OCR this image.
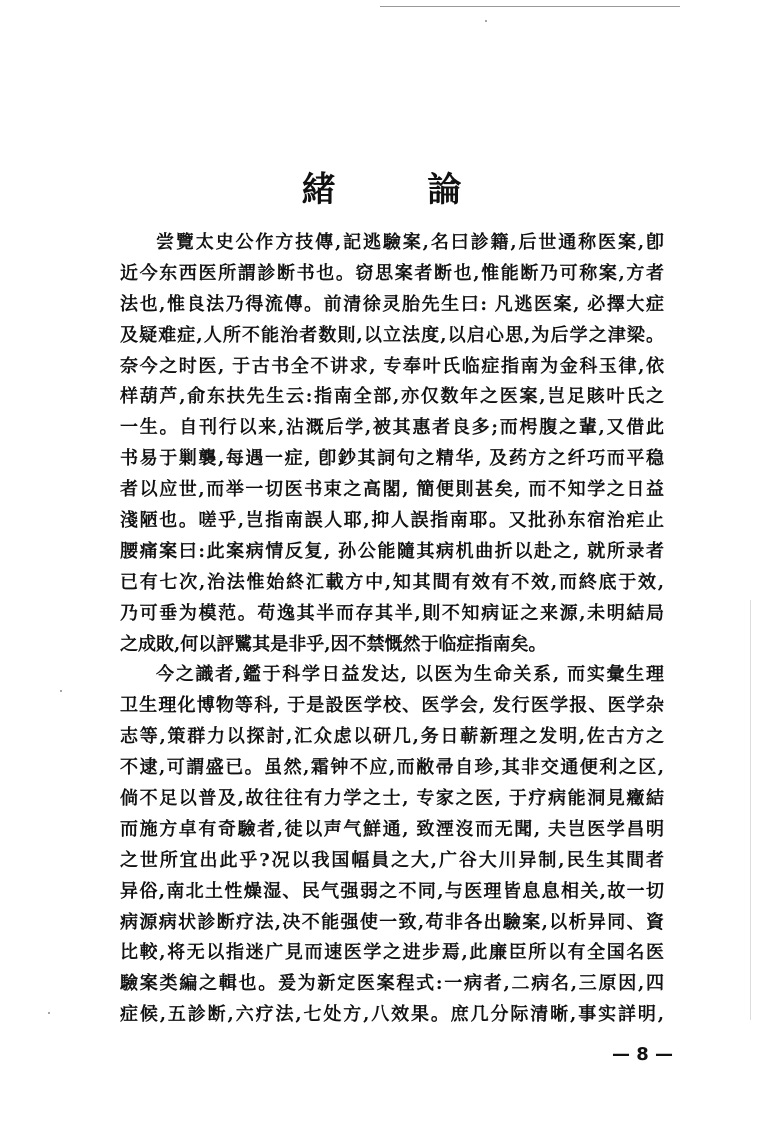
緒 論
尝覽太史公作方技傳,記逃驗案,名曰診籍,后世通称医案,卽
近今东西医所謂診断书也。窃思案者断也,惟能断乃可称案,方者
法也,惟良法乃得流傳。前清徐灵胎先生曰: 凡逃医案, 必擇大症
及疑难症,人所不能治者数則,以立法度,以启心思,为后学之津梁。
奈今之时医, 于古书全不讲求, 专奉叶氏临症指南为金科玉律,依
样葫芦,俞东扶先生云:指南全部,亦仅数年之医案,岂足賅叶氏之
一生。自刊行以来,沾溉后学,被其惠者良多;而枵腹之輩,又借此
书易于剿襲,每遇一症, 卽鈔其詞句之精华, 及药方之纤巧而平稳
者以应世,而举一切医书束之高閣, 簡便則甚矣, 而不知学之日益
淺陋也。嗟乎,岂指南誤人耶,抑人誤指南耶。又批孙东宿治疟止
腰痛案曰:此案病情反复, 孙公能隨其病机曲折以赴之, 就所录者
已有七次,治法惟始終汇載方中,知其間有效有不效,而終底于效,
乃可垂为模范。苟逸其半而存其半,則不知病证之来源,未明結局
之成敗,何以評騭其是非乎,因不禁慨然于临症指南矣。
今之識者,鑑于科学日益发达, 以医为生命关系, 而实彙生理
卫生理化博物等科, 于是設医学校、医学会, 发行医学报、医学杂
志等,策群力以探討,汇众虑以研几,务日蕲新理之发明,佐古方之
不逮,可謂盛已。虽然,霜钟不应,而敝帚自珍,其非交通便利之区,
倘不足以普及,故往往有力学之士, 专家之医, 于疗病能洞見癥結
而施方卓有奇驗者,徒以声气鮮通, 致湮沒而无聞, 夫岂医学昌明
之世所宜出此乎?况以我国幅員之大,广谷大川异制,民生其間者
异俗,南北土性燥湿、民气强弱之不同,与医理皆息息相关,故一切
病源病状診断疗法,决不能强使一致,苟非各出驗案,以析异同、資
比較,将无以指迷广見而速医学之进步焉,此廉臣所以有全国名医
驗案类編之輯也。爰为新定医案程式:一病者,二病名,三原因,四
症候,五診断,六疗法,七处方,八效果。庶几分际清晰,事实詳明,
— 8 —
